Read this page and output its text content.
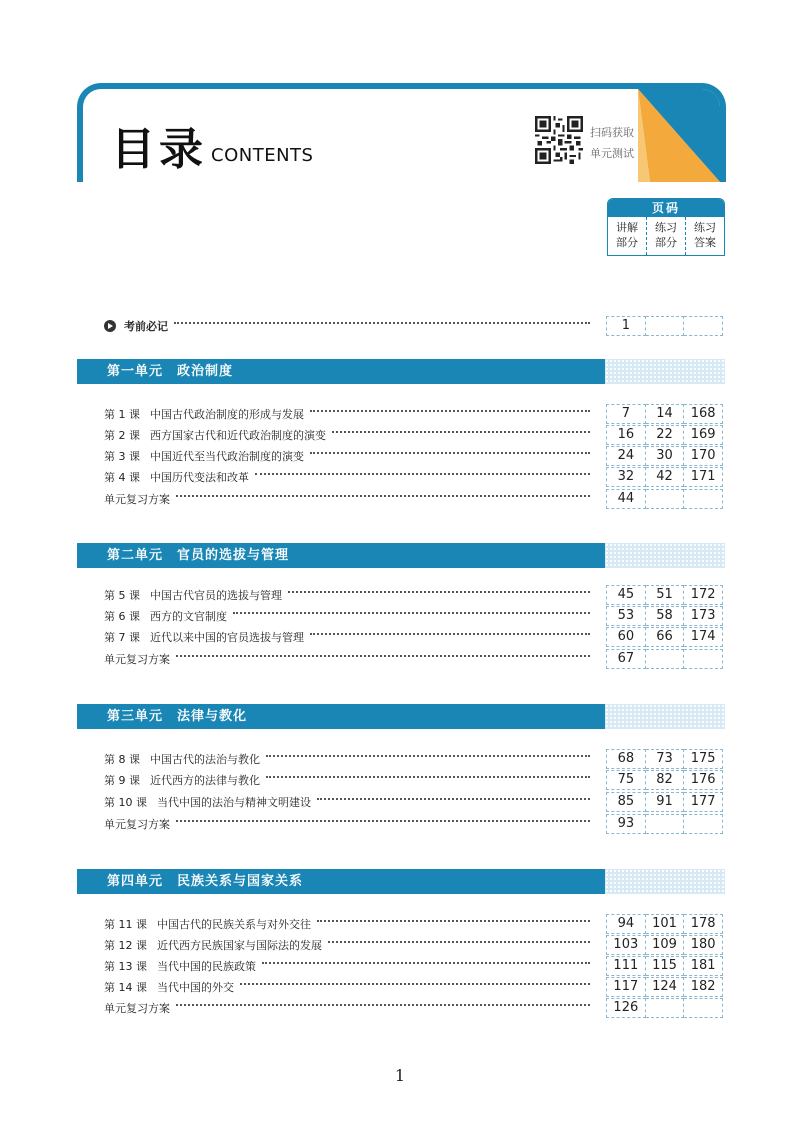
目录 CONTENTS
扫码获取
单元测试
页码
讲解
部分
练习
部分
练习
答案
考前必记	1
第一单元　政治制度
第 1 课 中国古代政治制度的形成与发展	7	14	168
第 2 课 西方国家古代和近代政治制度的演变	16	22	169
第 3 课 中国近代至当代政治制度的演变	24	30	170
第 4 课 中国历代变法和改革	32	42	171
单元复习方案	44
第二单元　官员的选拔与管理
第 5 课 中国古代官员的选拔与管理	45	51	172
第 6 课 西方的文官制度	53	58	173
第 7 课 近代以来中国的官员选拔与管理	60	66	174
单元复习方案	67
第三单元　法律与教化
第 8 课 中国古代的法治与教化	68	73	175
第 9 课 近代西方的法律与教化	75	82	176
第 10 课 当代中国的法治与精神文明建设	85	91	177
单元复习方案	93
第四单元　民族关系与国家关系
第 11 课 中国古代的民族关系与对外交往	94	101	178
第 12 课 近代西方民族国家与国际法的发展	103	109	180
第 13 课 当代中国的民族政策	111	115	181
第 14 课 当代中国的外交	117	124	182
单元复习方案	126
1
